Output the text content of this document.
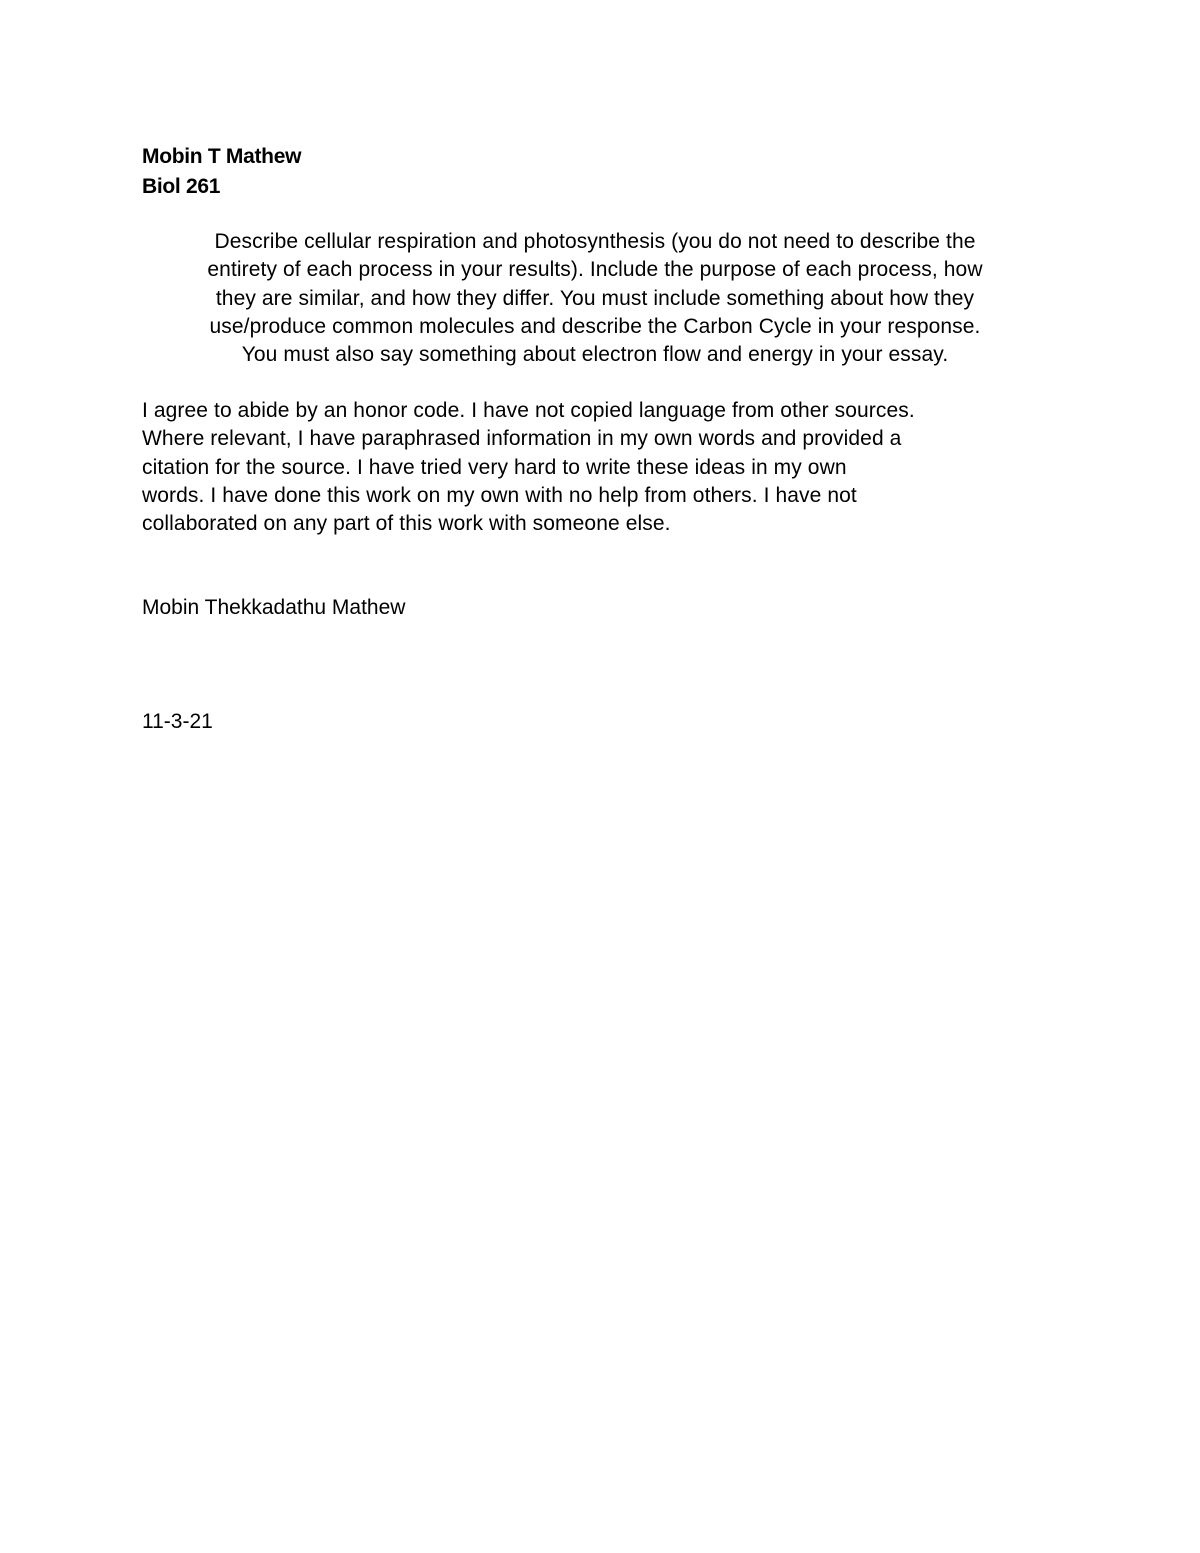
Mobin T Mathew
Biol 261
Describe cellular respiration and photosynthesis (you do not need to describe the
entirety of each process in your results). Include the purpose of each process, how
they are similar, and how they differ. You must include something about how they
use/produce common molecules and describe the Carbon Cycle in your response.
You must also say something about electron flow and energy in your essay.
I agree to abide by an honor code. I have not copied language from other sources.
Where relevant, I have paraphrased information in my own words and provided a
citation for the source. I have tried very hard to write these ideas in my own
words. I have done this work on my own with no help from others. I have not
collaborated on any part of this work with someone else.
Mobin Thekkadathu Mathew
11-3-21
